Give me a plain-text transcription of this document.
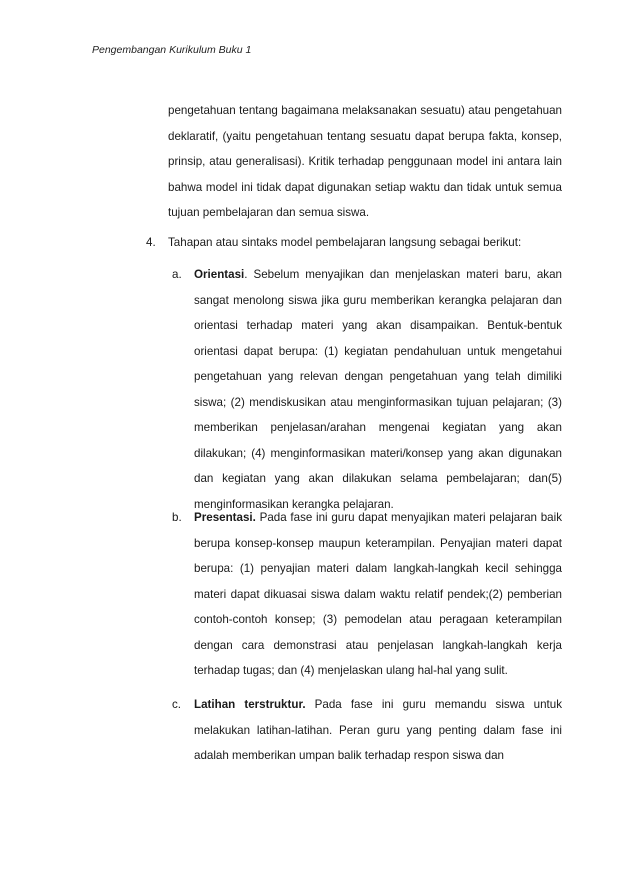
Pengembangan Kurikulum Buku 1
pengetahuan tentang bagaimana melaksanakan sesuatu) atau pengetahuan deklaratif, (yaitu pengetahuan tentang sesuatu dapat berupa fakta, konsep, prinsip, atau generalisasi). Kritik terhadap penggunaan model ini antara lain bahwa model ini tidak dapat digunakan setiap waktu dan tidak untuk semua tujuan pembelajaran dan semua siswa.
4. Tahapan atau sintaks model pembelajaran langsung sebagai berikut:
a. Orientasi. Sebelum menyajikan dan menjelaskan materi baru, akan sangat menolong siswa jika guru memberikan kerangka pelajaran dan orientasi terhadap materi yang akan disampaikan. Bentuk-bentuk orientasi dapat berupa: (1) kegiatan pendahuluan untuk mengetahui pengetahuan yang relevan dengan pengetahuan yang telah dimiliki siswa; (2) mendiskusikan atau menginformasikan tujuan pelajaran; (3) memberikan penjelasan/arahan mengenai kegiatan yang akan dilakukan; (4) menginformasikan materi/konsep yang akan digunakan dan kegiatan yang akan dilakukan selama pembelajaran; dan(5) menginformasikan kerangka pelajaran.
b. Presentasi. Pada fase ini guru dapat menyajikan materi pelajaran baik berupa konsep-konsep maupun keterampilan. Penyajian materi dapat berupa: (1) penyajian materi dalam langkah-langkah kecil sehingga materi dapat dikuasai siswa dalam waktu relatif pendek;(2) pemberian contoh-contoh konsep; (3) pemodelan atau peragaan keterampilan dengan cara demonstrasi atau penjelasan langkah-langkah kerja terhadap tugas; dan (4) menjelaskan ulang hal-hal yang sulit.
c. Latihan terstruktur. Pada fase ini guru memandu siswa untuk melakukan latihan-latihan. Peran guru yang penting dalam fase ini adalah memberikan umpan balik terhadap respon siswa dan
